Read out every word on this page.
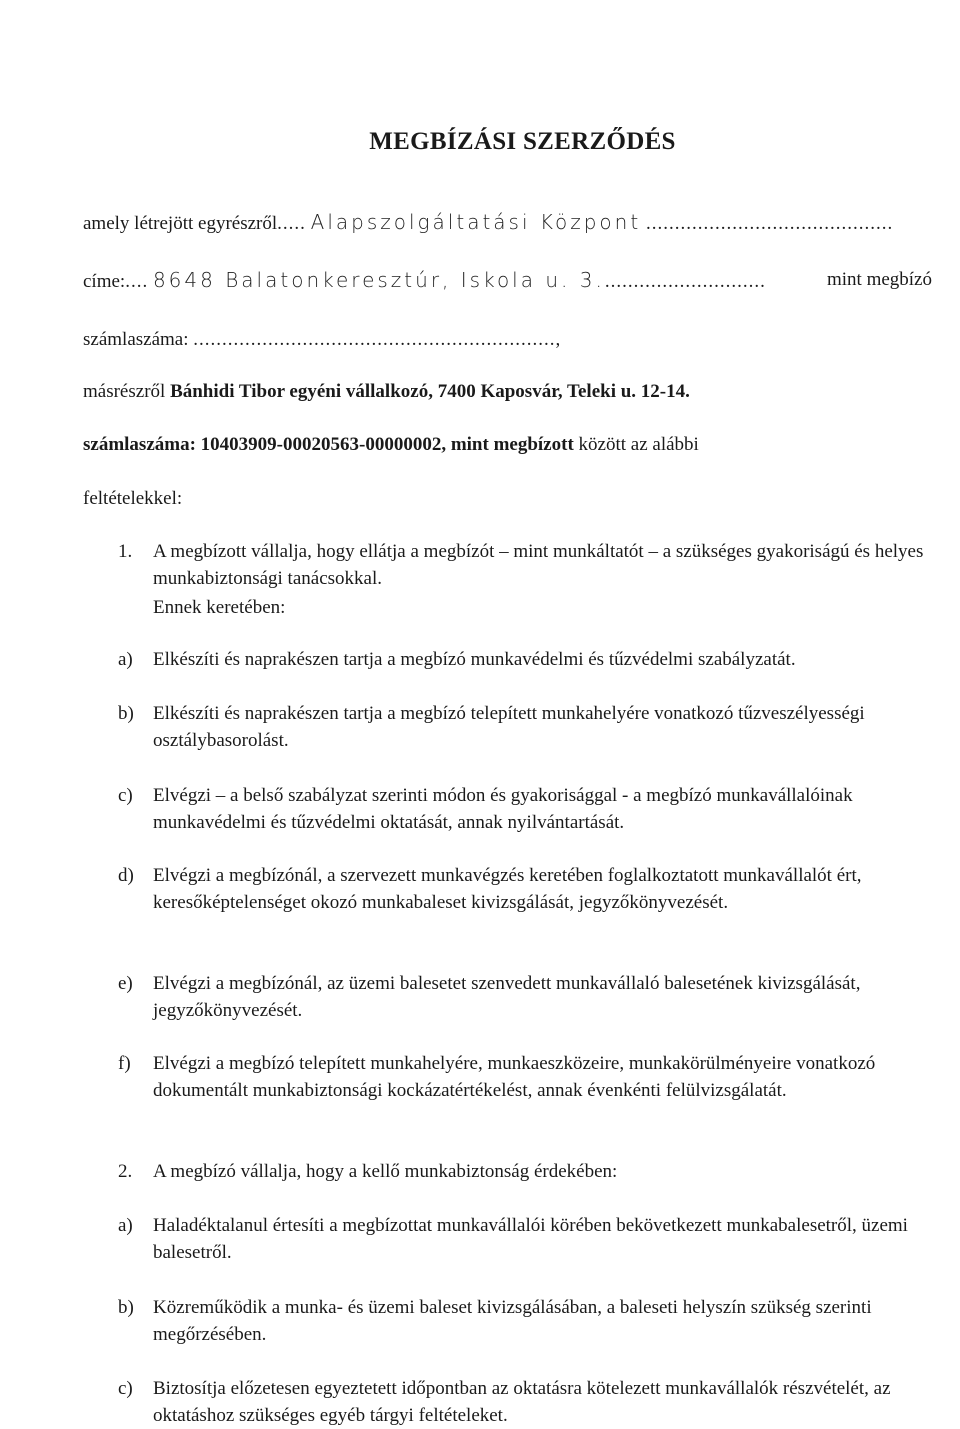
MEGBÍZÁSI SZERZŐDÉS
amely létrejött egyrészről..... Alapszolgáltatási Központ ...........................................
címe:.... 8648 Balatonkeresztúr, Iskola u. 3.............................	mint megbízó
számlaszáma: ...............................................................,
másrészről Bánhidi Tibor egyéni vállalkozó, 7400 Kaposvár, Teleki u. 12-14.
számlaszáma: 10403909-00020563-00000002, mint megbízott között az alábbi
feltételekkel:
1. A megbízott vállalja, hogy ellátja a megbízót – mint munkáltatót – a szükséges gyakoriságú és helyes munkabiztonsági tanácsokkal.
Ennek keretében:
a) Elkészíti és naprakészen tartja a megbízó munkavédelmi és tűzvédelmi szabályzatát.
b) Elkészíti és naprakészen tartja a megbízó telepített munkahelyére vonatkozó tűzveszélyességi osztálybasorolást.
c) Elvégzi – a belső szabályzat szerinti módon és gyakorisággal - a megbízó munkavállalóinak munkavédelmi és tűzvédelmi oktatását, annak nyilvántartását.
d) Elvégzi a megbízónál, a szervezett munkavégzés keretében foglalkoztatott munkavállalót ért, keresőképtelenséget okozó munkabaleset kivizsgálását, jegyzőkönyvezését.
e) Elvégzi a megbízónál, az üzemi balesetet szenvedett munkavállaló balesetének kivizsgálását, jegyzőkönyvezését.
f) Elvégzi a megbízó telepített munkahelyére, munkaeszközeire, munkakörülményeire vonatkozó dokumentált munkabiztonsági kockázatértékelést, annak évenkénti felülvizsgálatát.
2. A megbízó vállalja, hogy a kellő munkabiztonság érdekében:
a) Haladéktalanul értesíti a megbízottat munkavállalói körében bekövetkezett munkabalesetről, üzemi balesetről.
b) Közreműködik a munka- és üzemi baleset kivizsgálásában, a baleseti helyszín szükség szerinti megőrzésében.
c) Biztosítja előzetesen egyeztetett időpontban az oktatásra kötelezett munkavállalók részvételét, az oktatáshoz szükséges egyéb tárgyi feltételeket.
